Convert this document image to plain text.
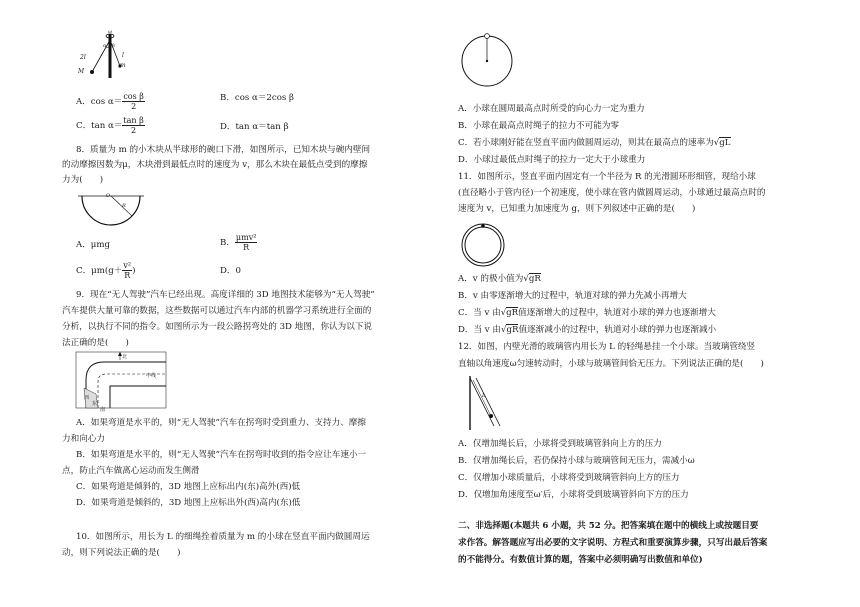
2l	l
M
m
α β
ω
A．$\cos \alpha= \frac{\text{cos β}}{2}$	B．cos α＝2cos β
C．$\tan \alpha= \frac{\text{tan β}}{2}$	D．tan α＝tan β
8．质量为 m 的小木块从半球形的碗口下滑，如图所示，已知木块与碗内壁间
的动摩擦因数为μ，木块滑到最低点时的速度为 v，那么木块在最低点受到的摩擦
力为(　　)
O
R
A．μmg	B． $\frac{\text{μmv²}}{R}$
C．$\mu m(g+ \frac{\text{v²}}{R}$ )	D．0
9．现在“无人驾驶”汽车已经出现。高度详细的 3D 地图技术能够为“无人驾驶”
汽车提供大量可靠的数据，这些数据可以通过汽车内部的机器学习系统进行全面的
分析，以执行不同的指令。如图所示为一段公路拐弯处的 3D 地图，你认为以下说
法正确的是(　　)
北
中线
西
东
南
A．如果弯道是水平的，则“无人驾驶”汽车在拐弯时受到重力、支持力、摩擦
力和向心力
B．如果弯道是水平的，则“无人驾驶”汽车在拐弯时收到的指令应让车速小一
点，防止汽车做离心运动而发生侧滑
C．如果弯道是倾斜的，3D 地图上应标出内(东)高外(西)低
D．如果弯道是倾斜的，3D 地图上应标出外(西)高内(东)低
10．如图所示，用长为 L 的细绳拴着质量为 m 的小球在竖直平面内做圆周运
动，则下列说法正确的是(　　)
A．小球在圆周最高点时所受的向心力一定为重力
B．小球在最高点时绳子的拉力不可能为零
C．若小球刚好能在竖直平面内做圆周运动，则其在最高点的速率为√gL
D．小球过最低点时绳子的拉力一定大于小球重力
11．如图所示，竖直平面内固定有一个半径为 R 的光滑圆环形细管，现给小球
(直径略小于管内径)一个初速度，使小球在管内做圆周运动，小球通过最高点时的
速度为 v，已知重力加速度为 g，则下列叙述中正确的是(　　)
A．v 的极小值为√gR
B．v 由零逐渐增大的过程中，轨道对球的弹力先减小再增大
C．当 v 由√gR值逐渐增大的过程中，轨道对小球的弹力也逐渐增大
D．当 v 由√gR值逐渐减小的过程中，轨道对小球的弹力也逐渐减小
12．如图，内壁光滑的玻璃管内用长为 L 的轻绳悬挂一个小球。当玻璃管绕竖
直轴以角速度ω匀速转动时，小球与玻璃管间恰无压力。下列说法正确的是(　　)
L
A．仅增加绳长后，小球将受到玻璃管斜向上方的压力
B．仅增加绳长后，若仍保持小球与玻璃管间无压力，需减小ω
C．仅增加小球质量后，小球将受到玻璃管斜向上方的压力
D．仅增加角速度至ω′后，小球将受到玻璃管斜向下方的压力
二、非选择题(本题共 6 小题，共 52 分。把答案填在题中的横线上或按题目要
求作答。解答题应写出必要的文字说明、方程式和重要演算步骤，只写出最后答案
的不能得分。有数值计算的题，答案中必须明确写出数值和单位)
